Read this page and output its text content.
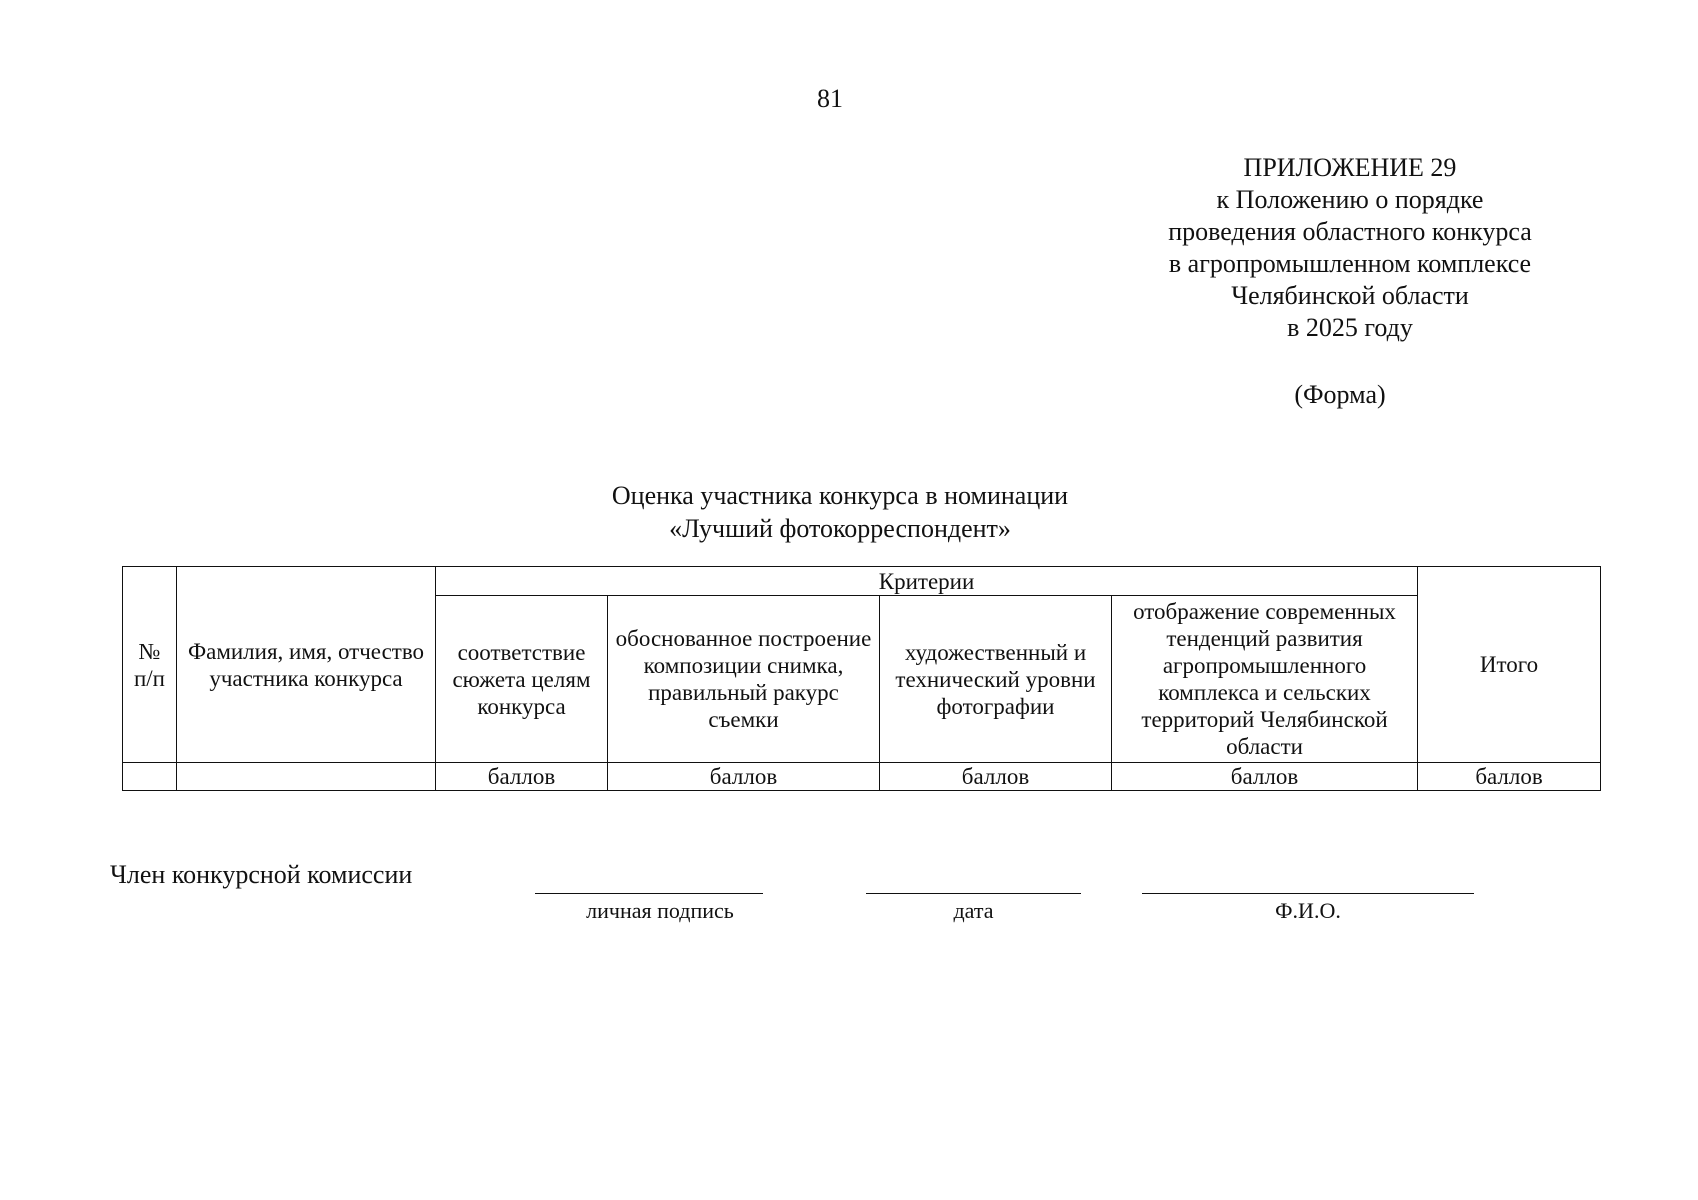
81
ПРИЛОЖЕНИЕ 29
к Положению о порядке
проведения областного конкурса
в агропромышленном комплексе
Челябинской области
в 2025 году
(Форма)
Оценка участника конкурса в номинации
«Лучший фотокорреспондент»
№ п/п	Фамилия, имя, отчество участника конкурса	Критерии				Итого
		соответствие сюжета целям конкурса	обоснованное построение композиции снимка, правильный ракурс съемки	художественный и технический уровни фотографии	отображение современных тенденций развития агропромышленного комплекса и сельских территорий Челябинской области	
		баллов	баллов	баллов	баллов	баллов
Член конкурсной комиссии
личная подпись	дата	Ф.И.О.
